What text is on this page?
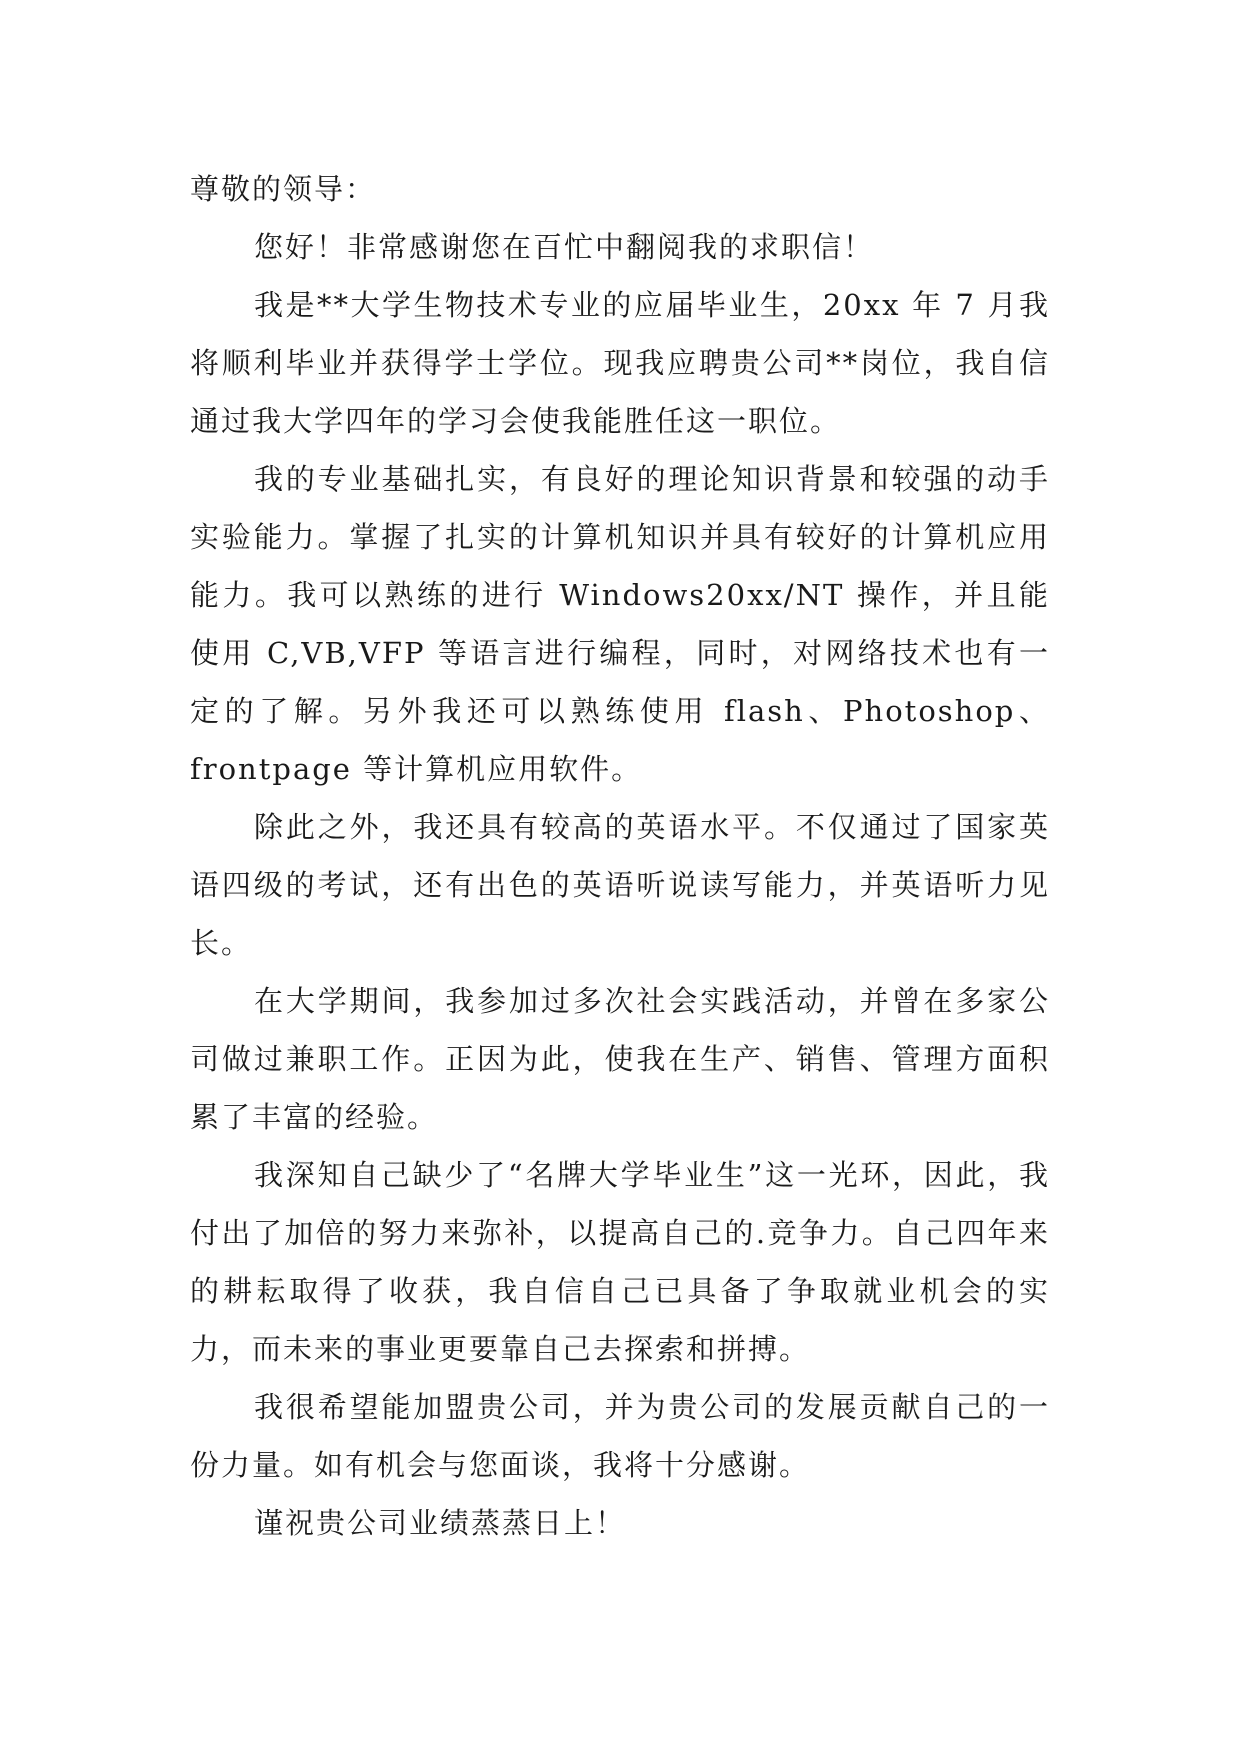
尊敬的领导：

您好！非常感谢您在百忙中翻阅我的求职信！

我是**大学生物技术专业的应届毕业生，20xx 年 7 月我将顺利毕业并获得学士学位。现我应聘贵公司**岗位，我自信通过我大学四年的学习会使我能胜任这一职位。

我的专业基础扎实，有良好的理论知识背景和较强的动手实验能力。掌握了扎实的计算机知识并具有较好的计算机应用能力。我可以熟练的进行 Windows20xx/NT 操作，并且能使用 C,VB,VFP 等语言进行编程，同时，对网络技术也有一定的了解。另外我还可以熟练使用 flash、Photoshop、frontpage 等计算机应用软件。

除此之外，我还具有较高的英语水平。不仅通过了国家英语四级的考试，还有出色的英语听说读写能力，并英语听力见长。

在大学期间，我参加过多次社会实践活动，并曾在多家公司做过兼职工作。正因为此，使我在生产、销售、管理方面积累了丰富的经验。

我深知自己缺少了“名牌大学毕业生”这一光环，因此，我付出了加倍的努力来弥补，以提高自己的.竞争力。自己四年来的耕耘取得了收获，我自信自己已具备了争取就业机会的实力，而未来的事业更要靠自己去探索和拼搏。

我很希望能加盟贵公司，并为贵公司的发展贡献自己的一份力量。如有机会与您面谈，我将十分感谢。

谨祝贵公司业绩蒸蒸日上！
